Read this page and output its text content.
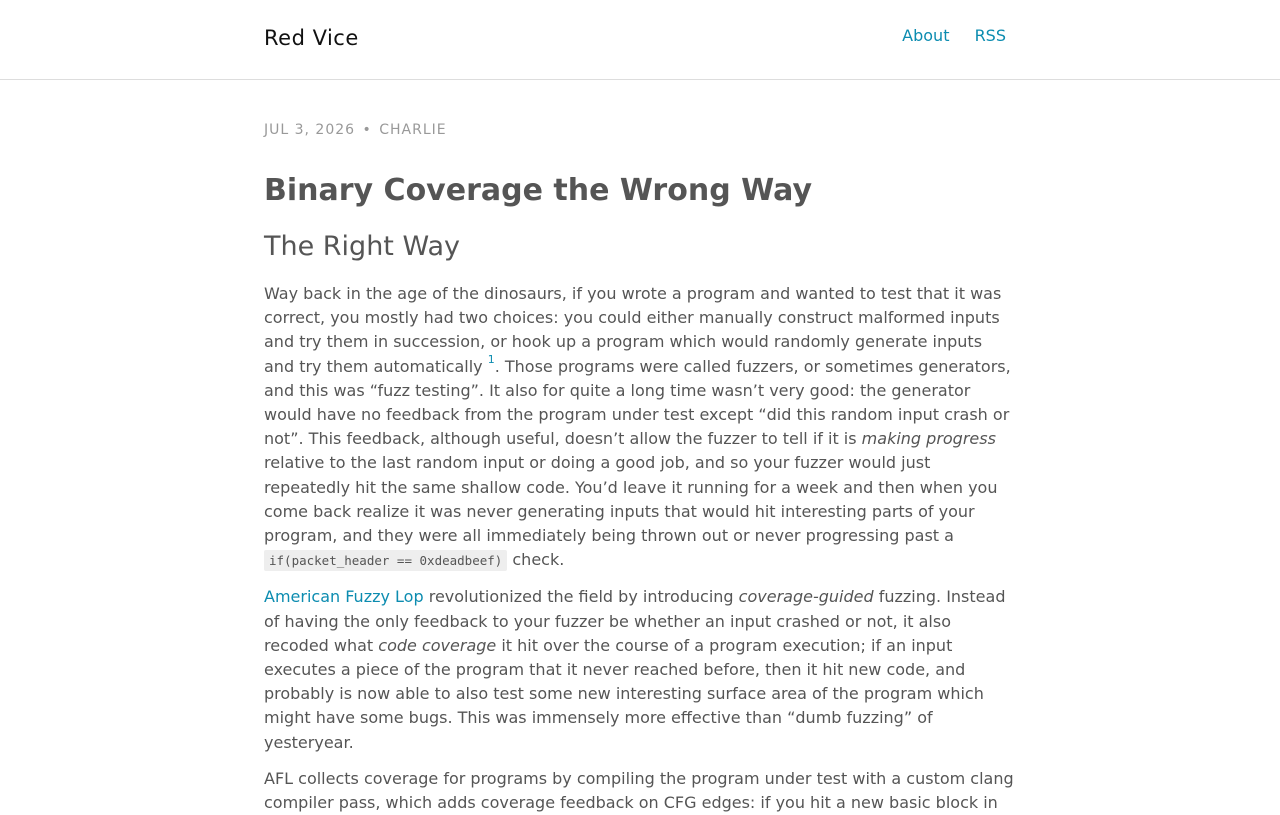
Red Vice	About RSS
JUL 3, 2026 • CHARLIE
Binary Coverage the Wrong Way
The Right Way

Way back in the age of the dinosaurs, if you wrote a program and wanted to test that it was correct, you mostly had two choices: you could either manually construct malformed inputs and try them in succession, or hook up a program which would randomly generate inputs and try them automatically $^1$. Those programs were called fuzzers, or sometimes generators, and this was “fuzz testing”. It also for quite a long time wasn’t very good: the generator would have no feedback from the program under test except “did this random input crash or not”. This feedback, although useful, doesn’t allow the fuzzer to tell if it is making progress relative to the last random input or doing a good job, and so your fuzzer would just repeatedly hit the same shallow code. You’d leave it running for a week and then when you come back realize it was never generating inputs that would hit interesting parts of your program, and they were all immediately being thrown out or never progressing past a if(packet_header == 0xdeadbeef) check.

American Fuzzy Lop revolutionized the field by introducing coverage-guided fuzzing. Instead of having the only feedback to your fuzzer be whether an input crashed or not, it also recoded what code coverage it hit over the course of a program execution; if an input executes a piece of the program that it never reached before, then it hit new code, and probably is now able to also test some new interesting surface area of the program which might have some bugs. This was immensely more effective than “dumb fuzzing” of yesteryear.

AFL collects coverage for programs by compiling the program under test with a custom clang compiler pass, which adds coverage feedback on CFG edges: if you hit a new basic block in
